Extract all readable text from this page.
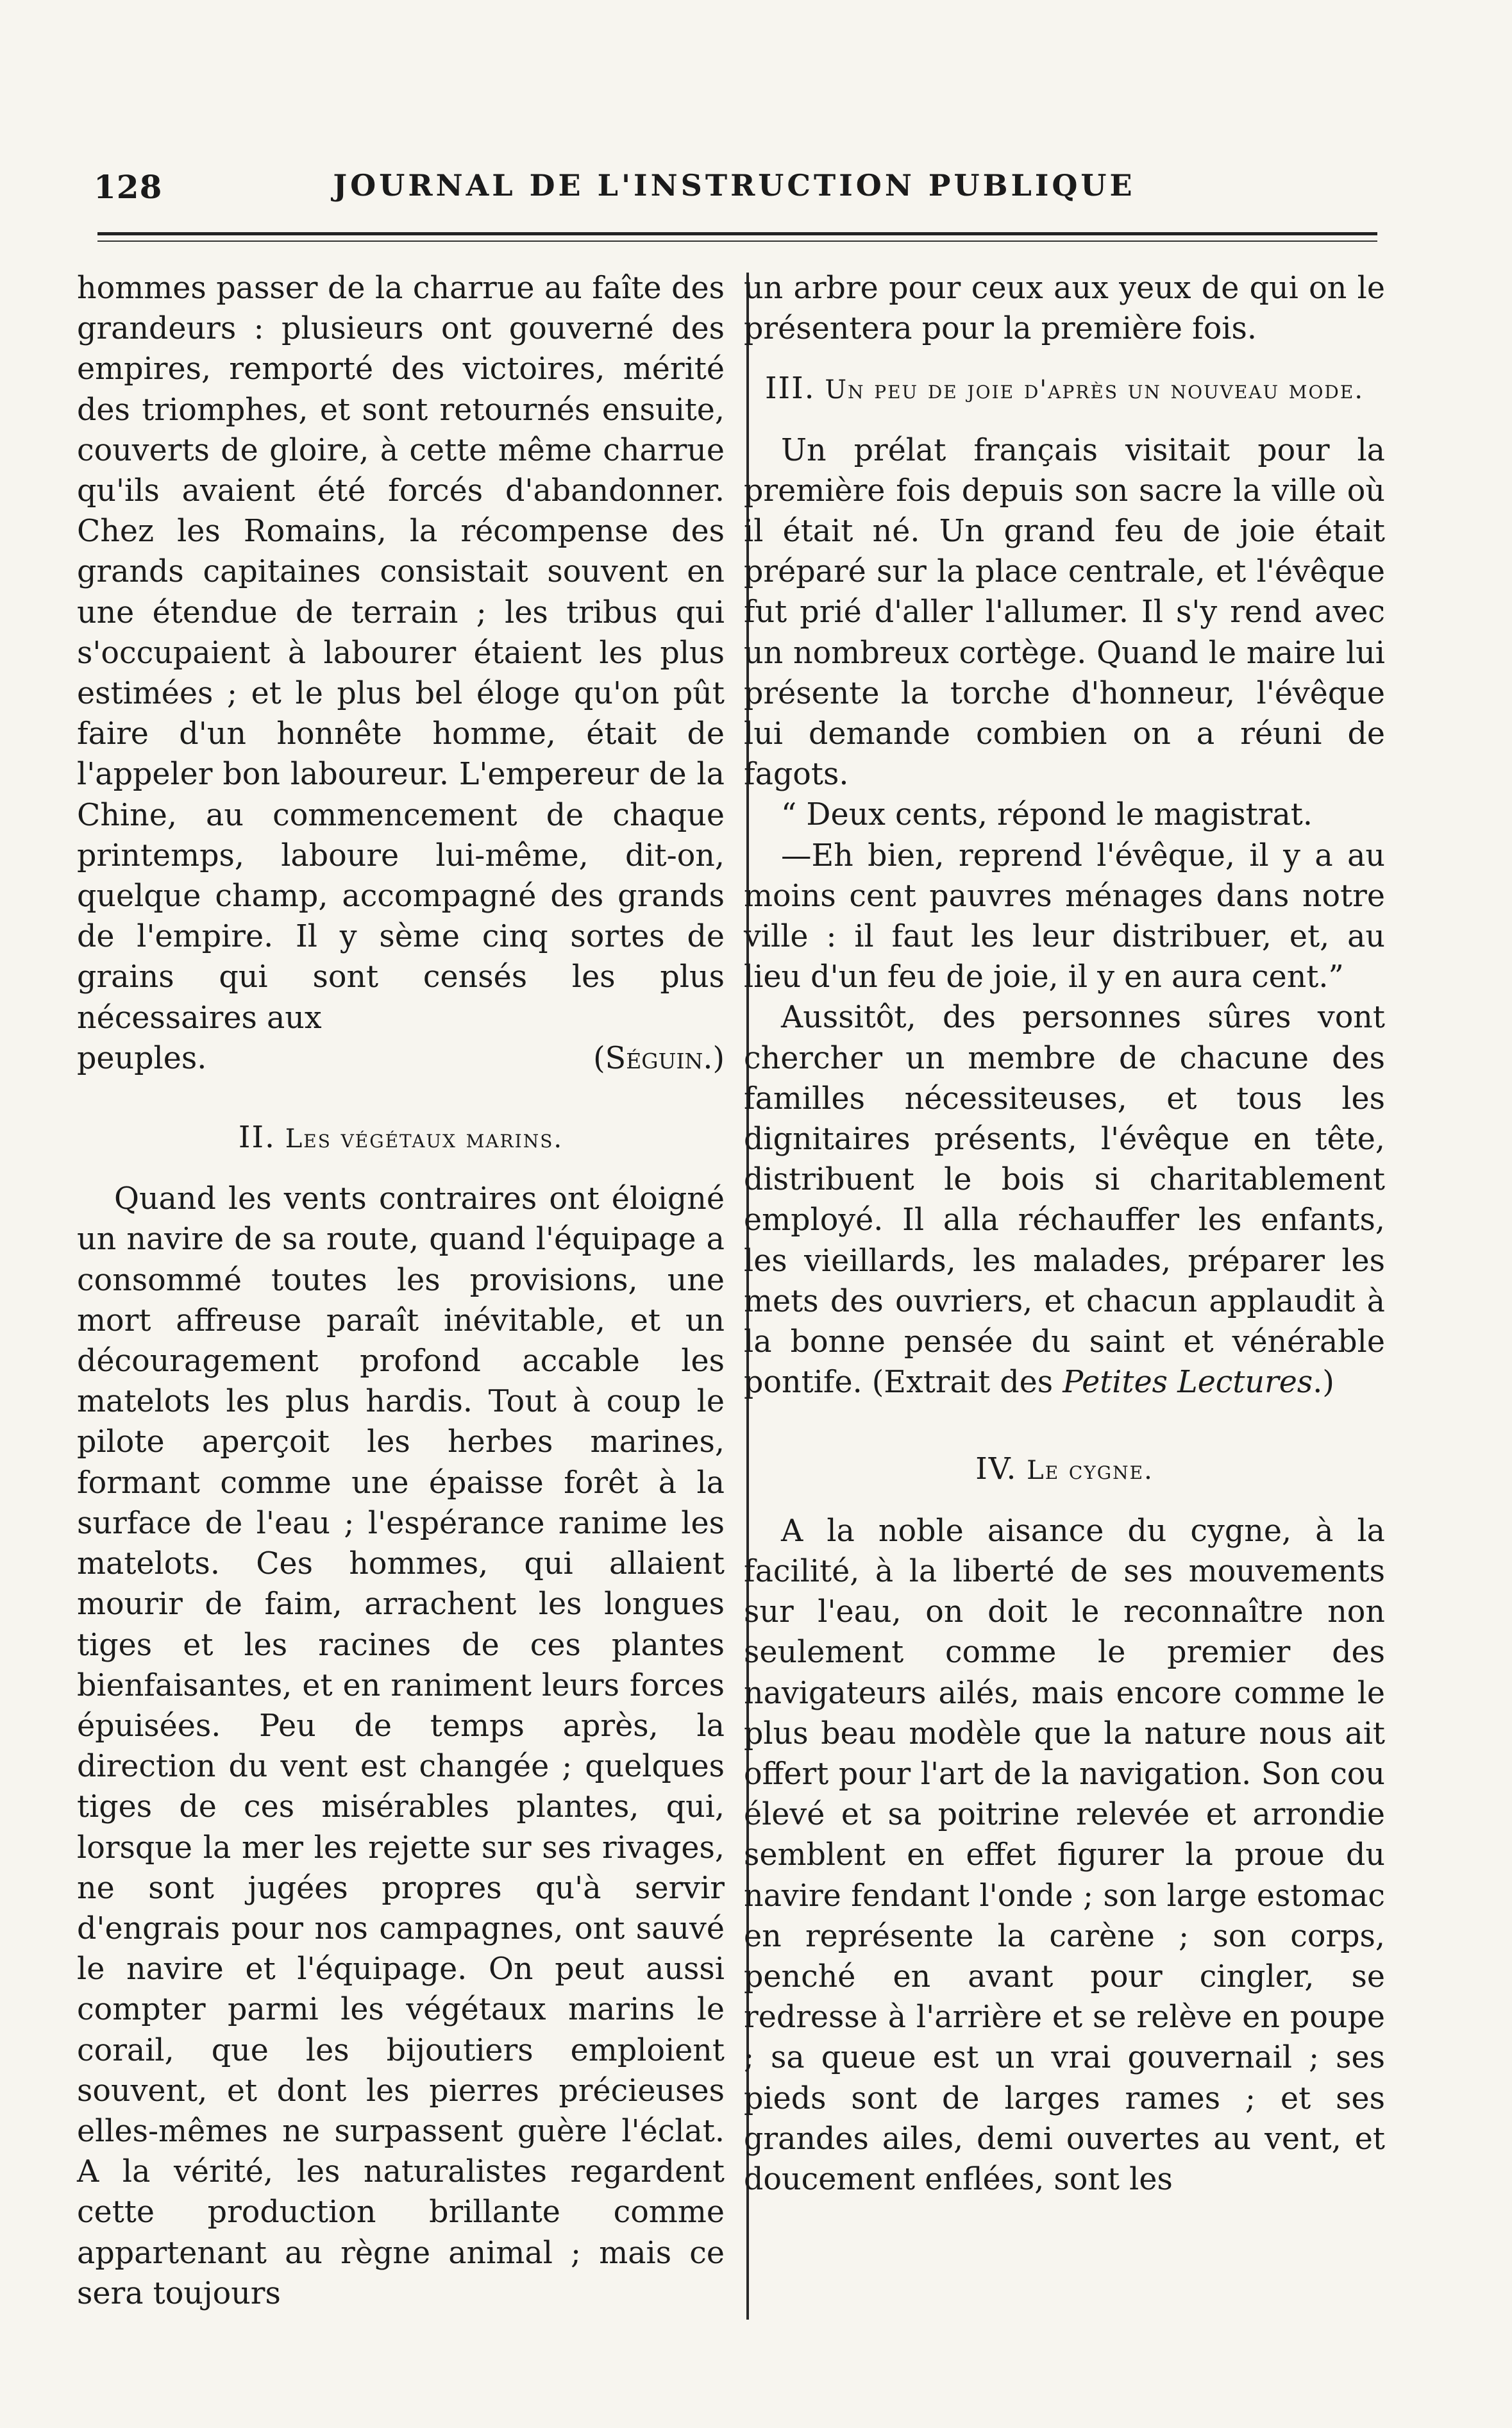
128	JOURNAL DE L'INSTRUCTION PUBLIQUE

hommes passer de la charrue au faîte des grandeurs : plusieurs ont gouverné des empires, remporté des victoires, mérité des triomphes, et sont retournés ensuite, couverts de gloire, à cette même charrue qu'ils avaient été forcés d'abandonner. Chez les Romains, la récompense des grands capitaines consistait souvent en une étendue de terrain ; les tribus qui s'occupaient à labourer étaient les plus estimées ; et le plus bel éloge qu'on pût faire d'un honnête homme, était de l'appeler bon laboureur. L'empereur de la Chine, au commencement de chaque printemps, laboure lui-même, dit-on, quelque champ, accompagné des grands de l'empire. Il y sème cinq sortes de grains qui sont censés les plus nécessaires aux

peuples.	(Séguin.)

II. Les végétaux marins.

Quand les vents contraires ont éloigné un navire de sa route, quand l'équipage a consommé toutes les provisions, une mort affreuse paraît inévitable, et un découragement profond accable les matelots les plus hardis. Tout à coup le pilote aperçoit les herbes marines, formant comme une épaisse forêt à la surface de l'eau ; l'espérance ranime les matelots. Ces hommes, qui allaient mourir de faim, arrachent les longues tiges et les racines de ces plantes bienfaisantes, et en raniment leurs forces épuisées. Peu de temps après, la direction du vent est changée ; quelques tiges de ces misérables plantes, qui, lorsque la mer les rejette sur ses rivages, ne sont jugées propres qu'à servir d'engrais pour nos campagnes, ont sauvé le navire et l'équipage. On peut aussi compter parmi les végétaux marins le corail, que les bijoutiers emploient souvent, et dont les pierres précieuses elles-mêmes ne surpassent guère l'éclat. A la vérité, les naturalistes regardent cette production brillante comme appartenant au règne animal ; mais ce sera toujours

un arbre pour ceux aux yeux de qui on le présentera pour la première fois.

III. Un peu de joie d'après un nouveau mode.

Un prélat français visitait pour la première fois depuis son sacre la ville où il était né. Un grand feu de joie était préparé sur la place centrale, et l'évêque fut prié d'aller l'allumer. Il s'y rend avec un nombreux cortège. Quand le maire lui présente la torche d'honneur, l'évêque lui demande combien on a réuni de fagots.

“ Deux cents, répond le magistrat.

—Eh bien, reprend l'évêque, il y a au moins cent pauvres ménages dans notre ville : il faut les leur distribuer, et, au lieu d'un feu de joie, il y en aura cent.”

Aussitôt, des personnes sûres vont chercher un membre de chacune des familles nécessiteuses, et tous les dignitaires présents, l'évêque en tête, distribuent le bois si charitablement employé. Il alla réchauffer les enfants, les vieillards, les malades, préparer les mets des ouvriers, et chacun applaudit à la bonne pensée du saint et vénérable pontife. (Extrait des Petites Lectures.)

IV. Le cygne.

A la noble aisance du cygne, à la facilité, à la liberté de ses mouvements sur l'eau, on doit le reconnaître non seulement comme le premier des navigateurs ailés, mais encore comme le plus beau modèle que la nature nous ait offert pour l'art de la navigation. Son cou élevé et sa poitrine relevée et arrondie semblent en effet figurer la proue du navire fendant l'onde ; son large estomac en représente la carène ; son corps, penché en avant pour cingler, se redresse à l'arrière et se relève en poupe ; sa queue est un vrai gouvernail ; ses pieds sont de larges rames ; et ses grandes ailes, demi ouvertes au vent, et doucement enflées, sont les
